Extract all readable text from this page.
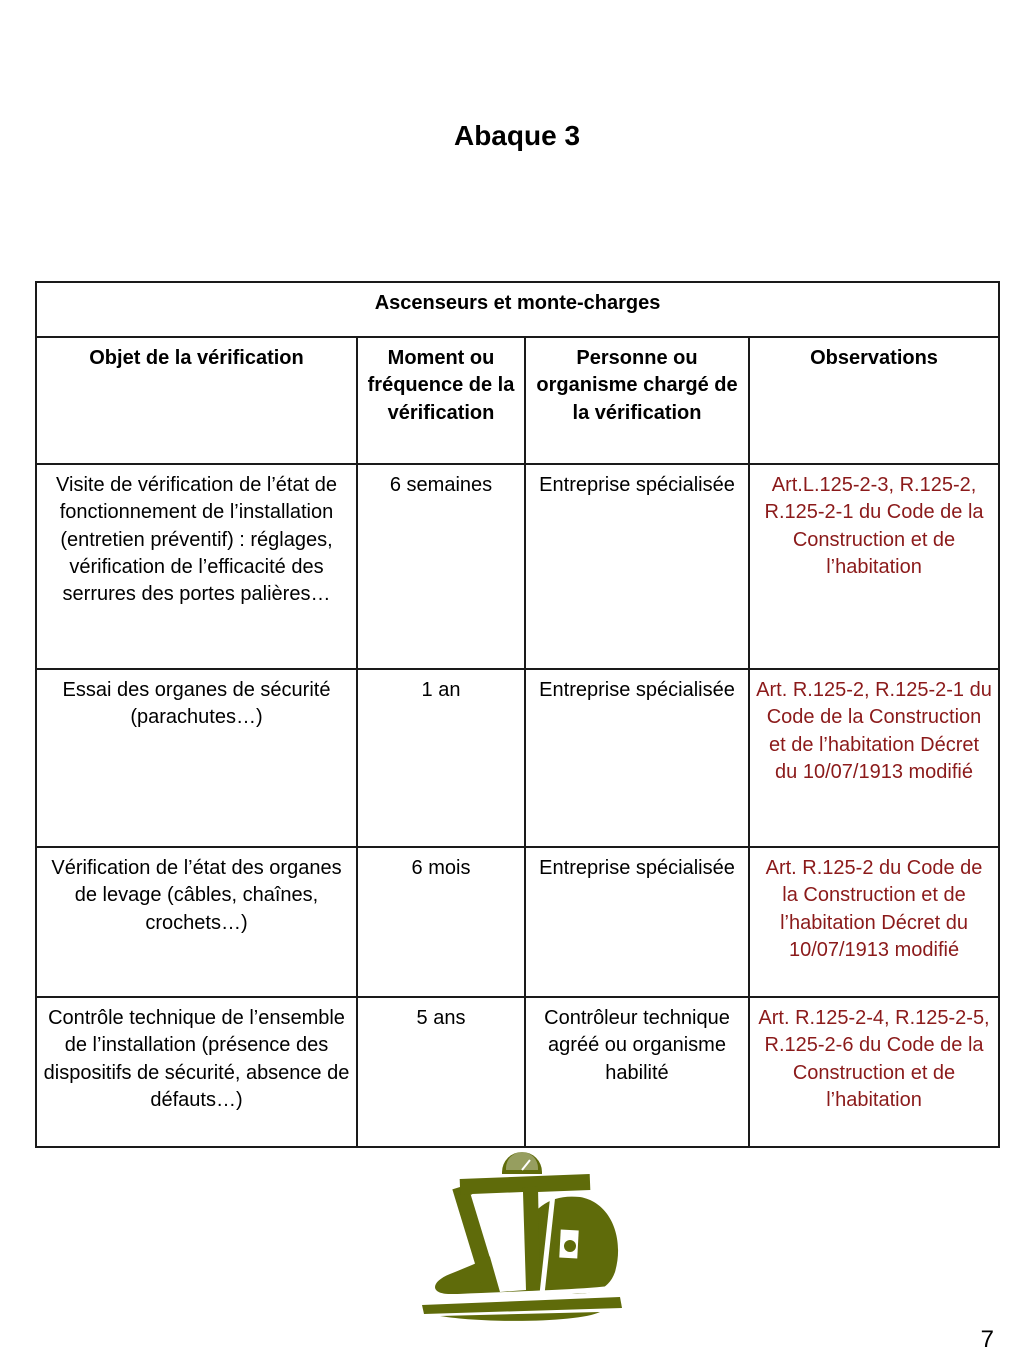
Abaque 3
Ascenseurs et monte-charges			
Objet de la vérification	Moment ou fréquence de la vérification	Personne ou organisme chargé de la vérification	Observations
Visite de vérification de l’état de fonctionnement de l’installation (entretien préventif) : réglages, vérification de l’efficacité des serrures des portes palières…	6 semaines	Entreprise spécialisée	Art.L.125-2-3, R.125-2, R.125-2-1 du Code de la Construction et de l’habitation
Essai des organes de sécurité (parachutes…)	1 an	Entreprise spécialisée	Art. R.125-2, R.125-2-1 du Code de la Construction et de l’habitation Décret du 10/07/1913 modifié
Vérification de l’état des organes de levage (câbles, chaînes, crochets…)	6 mois	Entreprise spécialisée	Art. R.125-2 du Code de la Construction et de l’habitation Décret du 10/07/1913 modifié
Contrôle technique de l’ensemble de l’installation (présence des dispositifs de sécurité, absence de défauts…)	5 ans	Contrôleur technique agréé ou organisme habilité	Art. R.125-2-4, R.125-2-5, R.125-2-6 du Code de la Construction et de l’habitation
7
